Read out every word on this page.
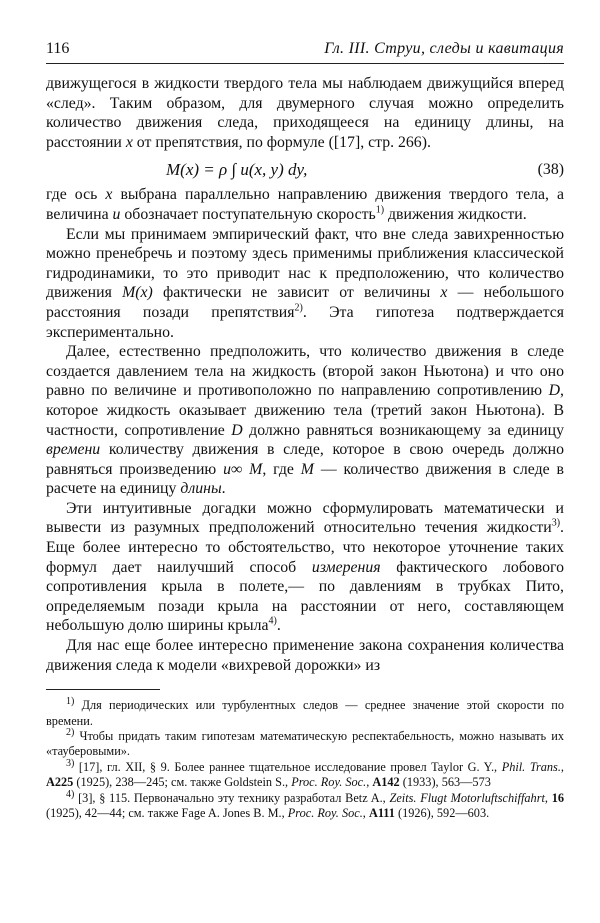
116	Гл. III. Струи, следы и кавитация

движущегося в жидкости твердого тела мы наблюдаем движущийся вперед «след». Таким образом, для двумерного случая можно определить количество движения следа, приходящееся на единицу длины, на расстоянии x от препятствия, по формуле ([17], стр. 266).

M(x) = ρ ∫ u(x, y) dy,	(38)

где ось x выбрана параллельно направлению движения твердого тела, а величина u обозначает поступательную скорость$^{1)}$ движения жидкости.

Если мы принимаем эмпирический факт, что вне следа завихренностью можно пренебречь и поэтому здесь применимы приближения классической гидродинамики, то это приводит нас к предположению, что количество движения M(x) фактически не зависит от величины x — небольшого расстояния позади препятствия$^{2)}$. Эта гипотеза подтверждается экспериментально.

Далее, естественно предположить, что количество движения в следе создается давлением тела на жидкость (второй закон Ньютона) и что оно равно по величине и противоположно по направлению сопротивлению D, которое жидкость оказывает движению тела (третий закон Ньютона). В частности, сопротивление D должно равняться возникающему за единицу времени количеству движения в следе, которое в свою очередь должно равняться произведению u∞ M, где M — количество движения в следе в расчете на единицу длины.

Эти интуитивные догадки можно сформулировать математически и вывести из разумных предположений относительно течения жидкости$^{3)}$. Еще более интересно то обстоятельство, что некоторое уточнение таких формул дает наилучший способ измерения фактического лобового сопротивления крыла в полете,— по давлениям в трубках Пито, определяемым позади крыла на расстоянии от него, составляющем небольшую долю ширины крыла$^{4)}$.

Для нас еще более интересно применение закона сохранения количества движения следа к модели «вихревой дорожки» из

$^{1)}$ Для периодических или турбулентных следов — среднее значение этой скорости по времени.

$^{2)}$ Чтобы придать таким гипотезам математическую респектабельность, можно называть их «тауберовыми».

$^{3)}$ [17], гл. XII, § 9. Более раннее тщательное исследование провел Taylor G. Y., Phil. Trans., A225 (1925), 238—245; см. также Goldstein S., Proc. Roy. Soc., A142 (1933), 563—573

$^{4)}$ [3], § 115. Первоначально эту технику разработал Betz A., Zeits. Flugt Motorluftschiffahrt, 16 (1925), 42—44; см. также Fage A. Jones B. M., Proc. Roy. Soc., A111 (1926), 592—603.
